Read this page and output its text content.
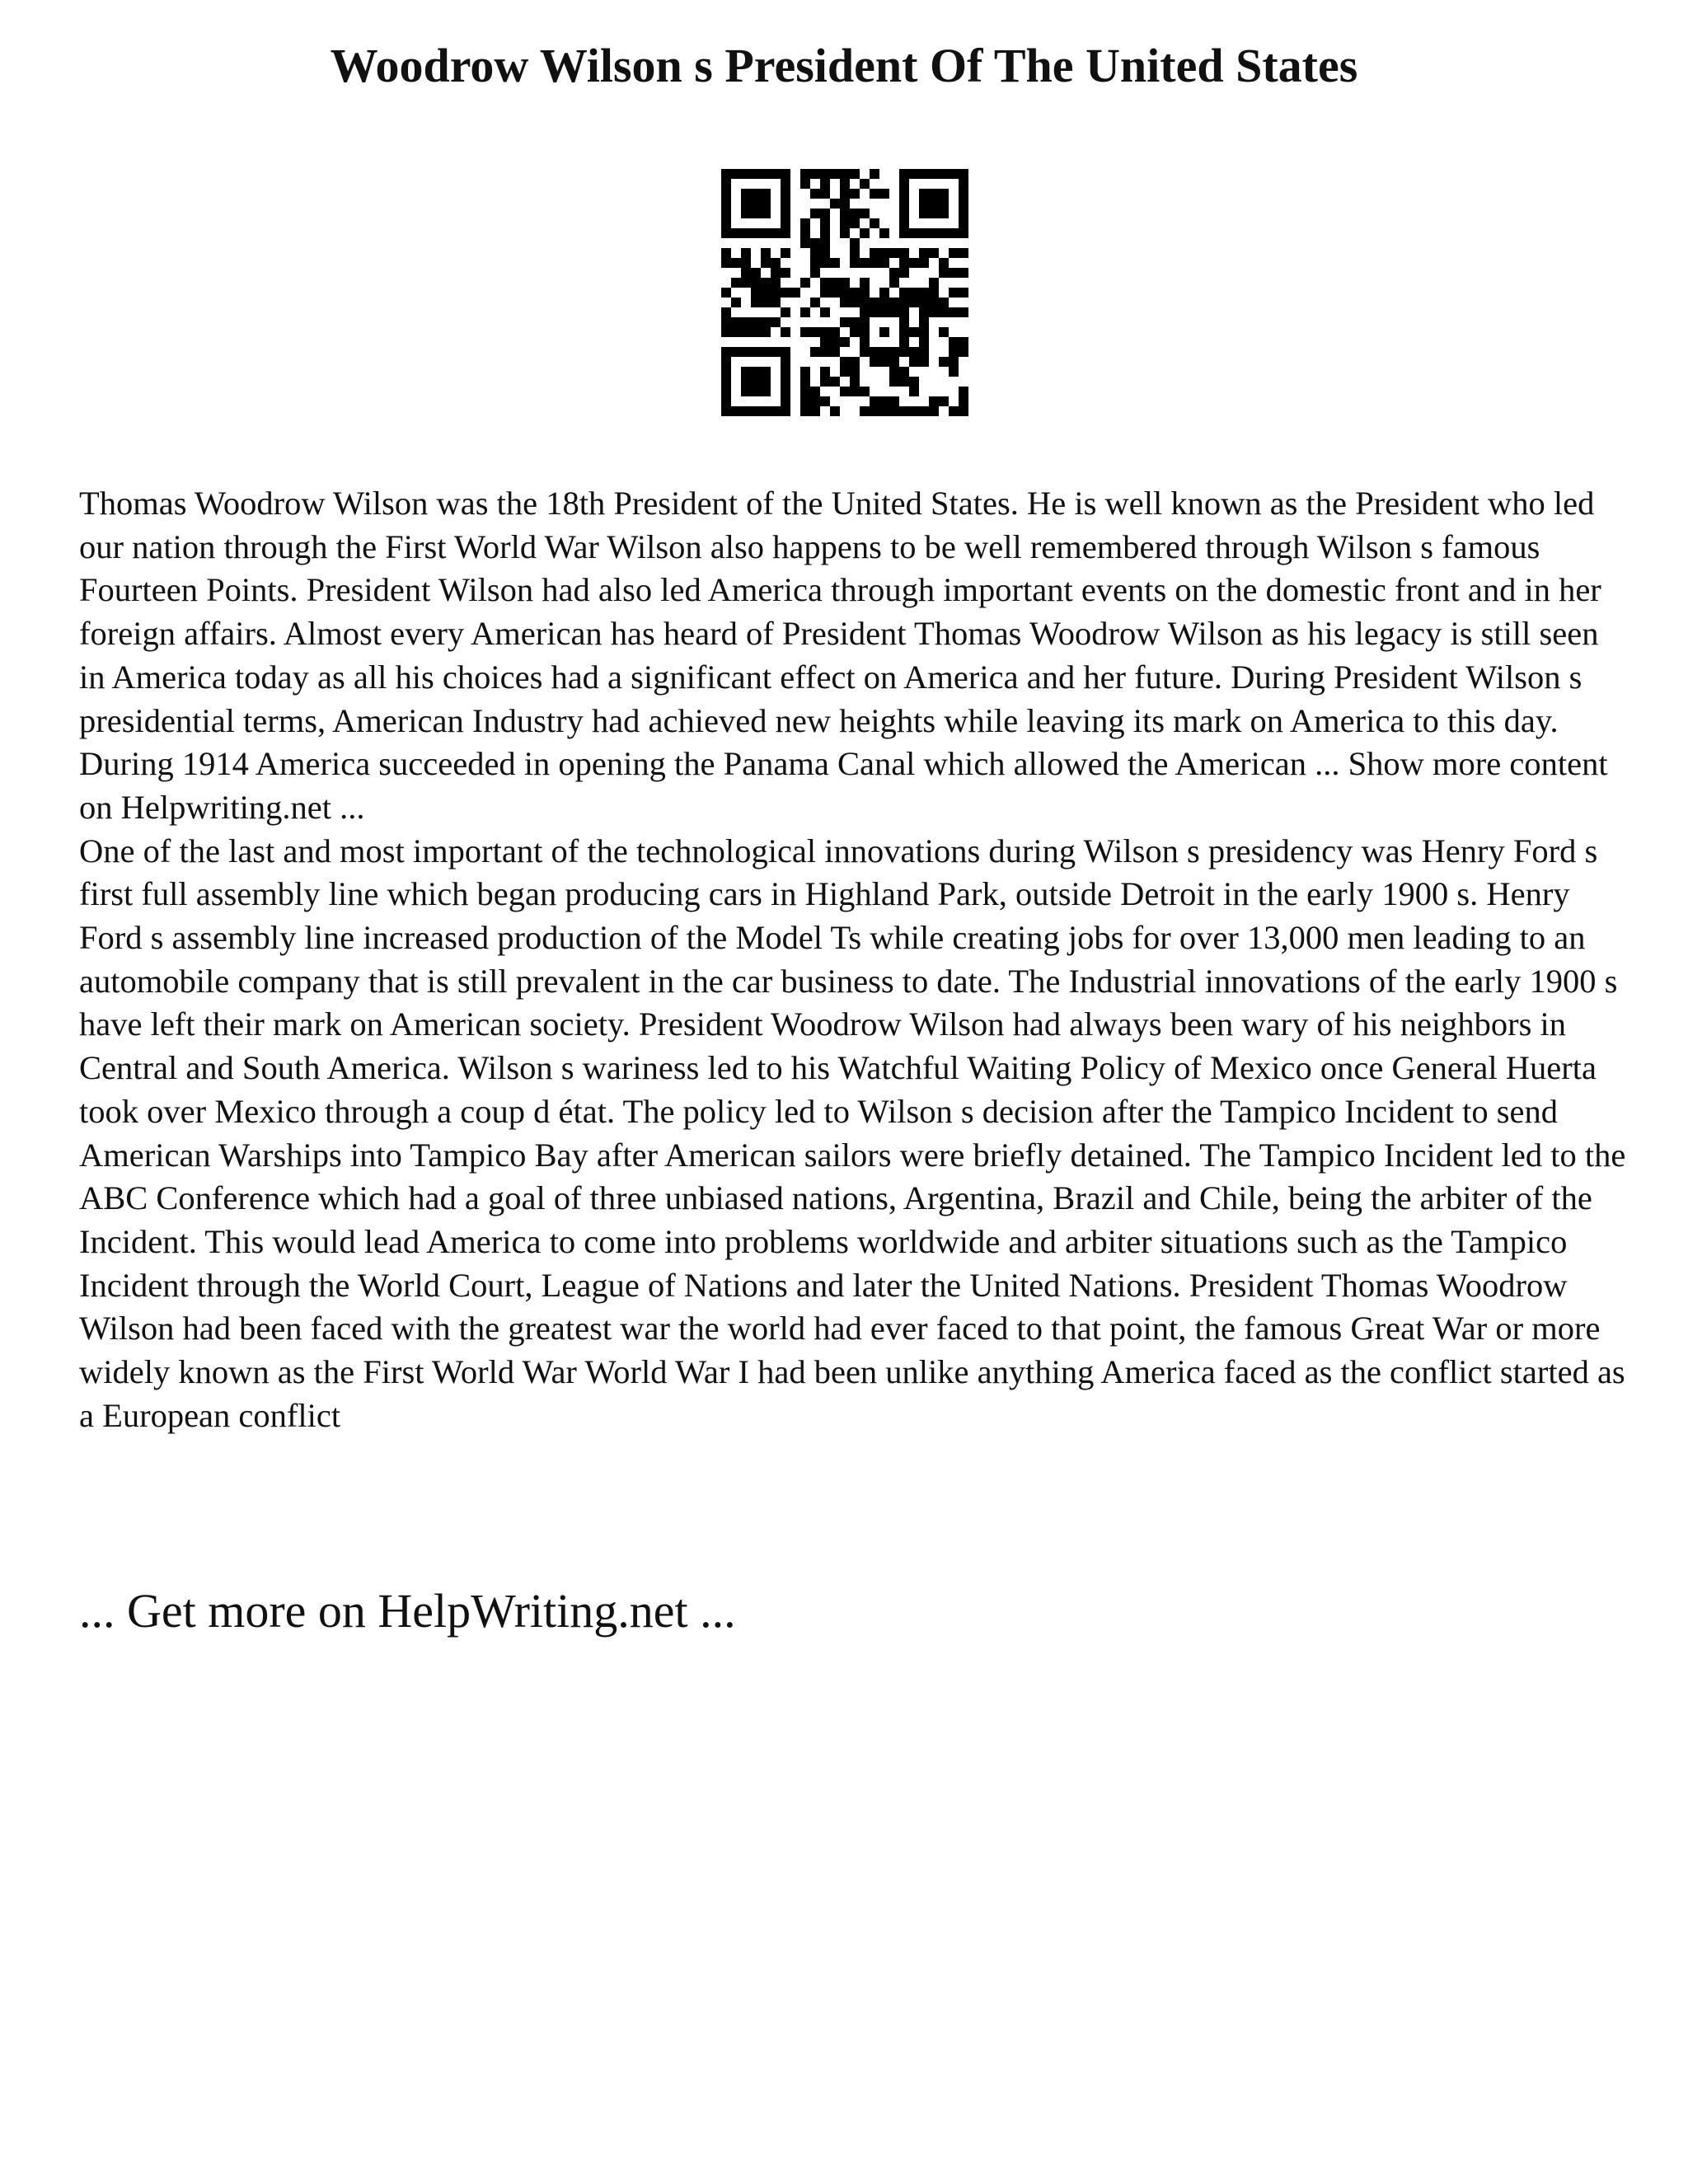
Woodrow Wilson s President Of The United States

Thomas Woodrow Wilson was the 18th President of the United States. He is well known as the President who led our nation through the First World War Wilson also happens to be well remembered through Wilson s famous Fourteen Points. President Wilson had also led America through important events on the domestic front and in her foreign affairs. Almost every American has heard of President Thomas Woodrow Wilson as his legacy is still seen in America today as all his choices had a significant effect on America and her future. During President Wilson s presidential terms, American Industry had achieved new heights while leaving its mark on America to this day. During 1914 America succeeded in opening the Panama Canal which allowed the American ... Show more content on Helpwriting.net ...

One of the last and most important of the technological innovations during Wilson s presidency was Henry Ford s first full assembly line which began producing cars in Highland Park, outside Detroit in the early 1900 s. Henry Ford s assembly line increased production of the Model Ts while creating jobs for over 13,000 men leading to an automobile company that is still prevalent in the car business to date. The Industrial innovations of the early 1900 s have left their mark on American society. President Woodrow Wilson had always been wary of his neighbors in Central and South America. Wilson s wariness led to his Watchful Waiting Policy of Mexico once General Huerta took over Mexico through a coup d état. The policy led to Wilson s decision after the Tampico Incident to send American Warships into Tampico Bay after American sailors were briefly detained. The Tampico Incident led to the ABC Conference which had a goal of three unbiased nations, Argentina, Brazil and Chile, being the arbiter of the Incident. This would lead America to come into problems worldwide and arbiter situations such as the Tampico Incident through the World Court, League of Nations and later the United Nations. President Thomas Woodrow Wilson had been faced with the greatest war the world had ever faced to that point, the famous Great War or more widely known as the First World War World War I had been unlike anything America faced as the conflict started as a European conflict

... Get more on HelpWriting.net ...
